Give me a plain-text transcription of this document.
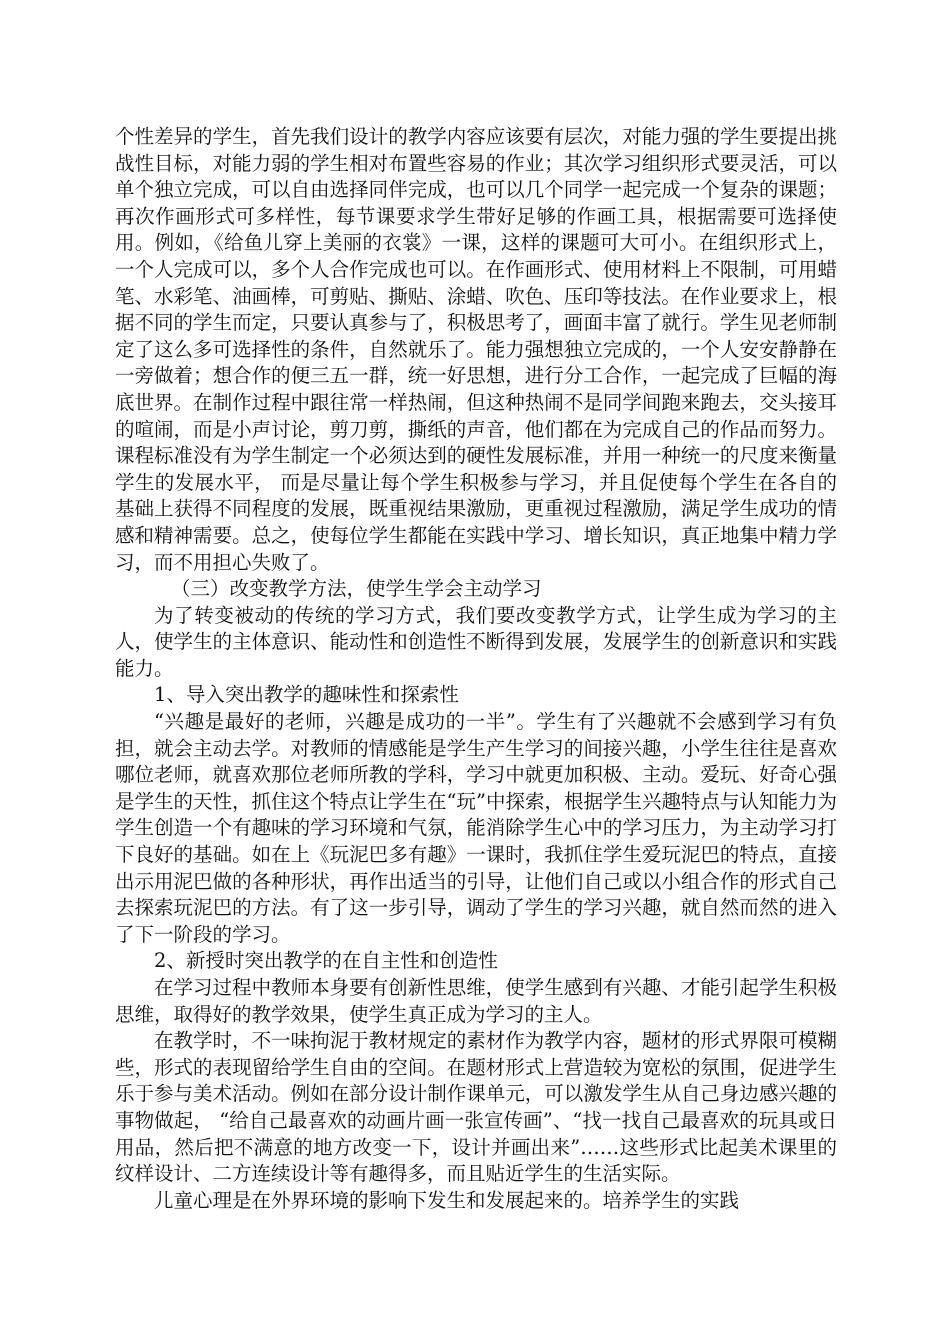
个性差异的学生，首先我们设计的教学内容应该要有层次，对能力强的学生要提出挑战性目标，对能力弱的学生相对布置些容易的作业；其次学习组织形式要灵活，可以单个独立完成，可以自由选择同伴完成，也可以几个同学一起完成一个复杂的课题；再次作画形式可多样性，每节课要求学生带好足够的作画工具，根据需要可选择使用。例如，《给鱼儿穿上美丽的衣裳》一课，这样的课题可大可小。在组织形式上，一个人完成可以，多个人合作完成也可以。在作画形式、使用材料上不限制，可用蜡笔、水彩笔、油画棒，可剪贴、撕贴、涂蜡、吹色、压印等技法。在作业要求上，根据不同的学生而定，只要认真参与了，积极思考了，画面丰富了就行。学生见老师制定了这么多可选择性的条件，自然就乐了。能力强想独立完成的，一个人安安静静在一旁做着；想合作的便三五一群，统一好思想，进行分工合作，一起完成了巨幅的海底世界。在制作过程中跟往常一样热闹，但这种热闹不是同学间跑来跑去，交头接耳的喧闹，而是小声讨论，剪刀剪，撕纸的声音，他们都在为完成自己的作品而努力。课程标准没有为学生制定一个必须达到的硬性发展标准，并用一种统一的尺度来衡量学生的发展水平， 而是尽量让每个学生积极参与学习，并且促使每个学生在各自的基础上获得不同程度的发展，既重视结果激励，更重视过程激励，满足学生成功的情感和精神需要。总之，使每位学生都能在实践中学习、增长知识，真正地集中精力学习，而不用担心失败了。

（三）改变教学方法，使学生学会主动学习

为了转变被动的传统的学习方式，我们要改变教学方式，让学生成为学习的主人，使学生的主体意识、能动性和创造性不断得到发展，发展学生的创新意识和实践能力。

1、导入突出教学的趣味性和探索性

“兴趣是最好的老师，兴趣是成功的一半”。学生有了兴趣就不会感到学习有负担，就会主动去学。对教师的情感能是学生产生学习的间接兴趣，小学生往往是喜欢哪位老师，就喜欢那位老师所教的学科，学习中就更加积极、主动。爱玩、好奇心强是学生的天性，抓住这个特点让学生在“玩”中探索，根据学生兴趣特点与认知能力为学生创造一个有趣味的学习环境和气氛，能消除学生心中的学习压力，为主动学习打下良好的基础。如在上《玩泥巴多有趣》一课时，我抓住学生爱玩泥巴的特点，直接出示用泥巴做的各种形状，再作出适当的引导，让他们自己或以小组合作的形式自己去探索玩泥巴的方法。有了这一步引导，调动了学生的学习兴趣，就自然而然的进入了下一阶段的学习。

2、新授时突出教学的在自主性和创造性

在学习过程中教师本身要有创新性思维，使学生感到有兴趣、才能引起学生积极思维，取得好的教学效果，使学生真正成为学习的主人。

在教学时，不一味拘泥于教材规定的素材作为教学内容，题材的形式界限可模糊些，形式的表现留给学生自由的空间。在题材形式上营造较为宽松的氛围，促进学生乐于参与美术活动。例如在部分设计制作课单元，可以激发学生从自己身边感兴趣的事物做起， “给自己最喜欢的动画片画一张宣传画”、“找一找自己最喜欢的玩具或日用品，然后把不满意的地方改变一下，设计并画出来”……这些形式比起美术课里的纹样设计、二方连续设计等有趣得多，而且贴近学生的生活实际。

儿童心理是在外界环境的影响下发生和发展起来的。培养学生的实践
